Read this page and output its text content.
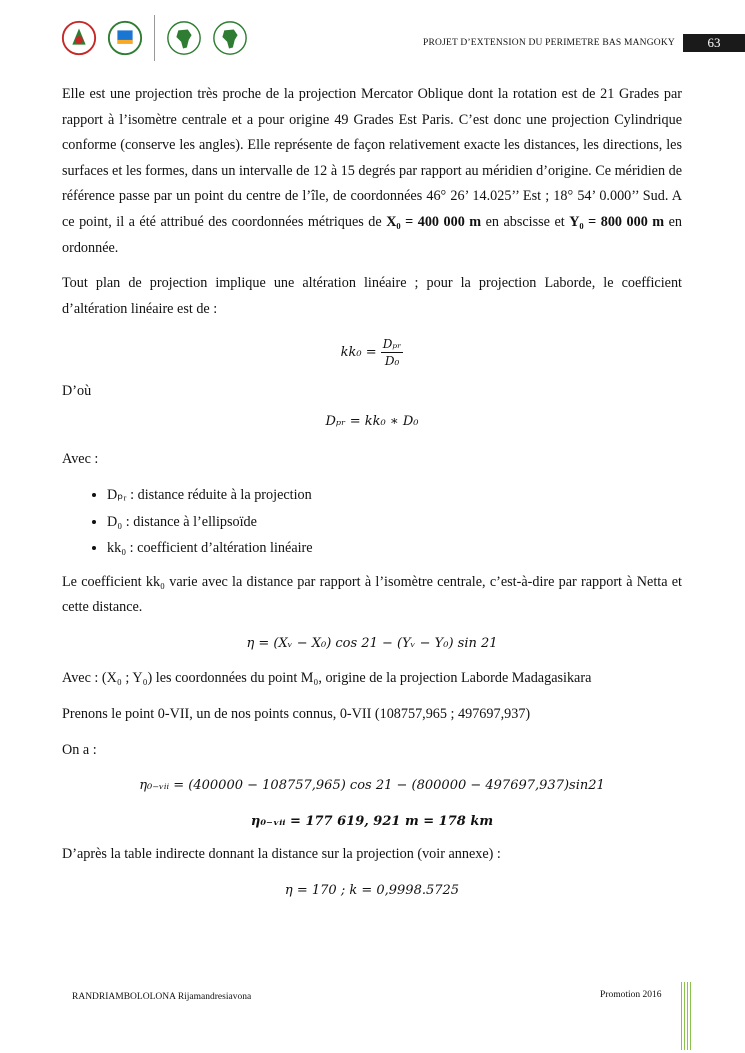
PROJET D’EXTENSION DU PERIMETRE BAS MANGOKY	63

Elle est une projection très proche de la projection Mercator Oblique dont la rotation est de 21 Grades par rapport à l’isomètre centrale et a pour origine 49 Grades Est Paris. C’est donc une projection Cylindrique conforme (conserve les angles). Elle représente de façon relativement exacte les distances, les directions, les surfaces et les formes, dans un intervalle de 12 à 15 degrés par rapport au méridien d’origine. Ce méridien de référence passe par un point du centre de l’île, de coordonnées 46° 26’ 14.025’’ Est ; 18° 54’ 0.000’’ Sud. A ce point, il a été attribué des coordonnées métriques de X₀ = 400 000 m en abscisse et Y₀ = 800 000 m en ordonnée.

Tout plan de projection implique une altération linéaire ; pour la projection Laborde, le coefficient d’altération linéaire est de :

$kk_0 = \frac{\text{Dₚᵣ}}{\text{D₀}}$

D’où

Dₚᵣ = kk₀ ∗ D₀

Avec :

• Dₚᵣ : distance réduite à la projection
• D₀ : distance à l’ellipsoïde
• kk₀ : coefficient d’altération linéaire

Le coefficient kk₀ varie avec la distance par rapport à l’isomètre centrale, c’est-à-dire par rapport à Netta et cette distance.

η = (Xᵥ − X₀) cos 21 − (Yᵥ − Y₀) sin 21

Avec : (X₀ ; Y₀) les coordonnées du point M₀, origine de la projection Laborde Madagasikara

Prenons le point 0-VII, un de nos points connus, 0-VII (108757,965 ; 497697,937)

On a :

η₀₋ᵥᵢᵢ = (400000 − 108757,965) cos 21 − (800000 − 497697,937)sin21
η₀₋ᵥᵢᵢ = 177 619, 921 m = 178 km

D’après la table indirecte donnant la distance sur la projection (voir annexe) :

η = 170 ; k = 0,9998.5725
RANDRIAMBOLOLONA Rijamandresiavona	Promotion 2016
